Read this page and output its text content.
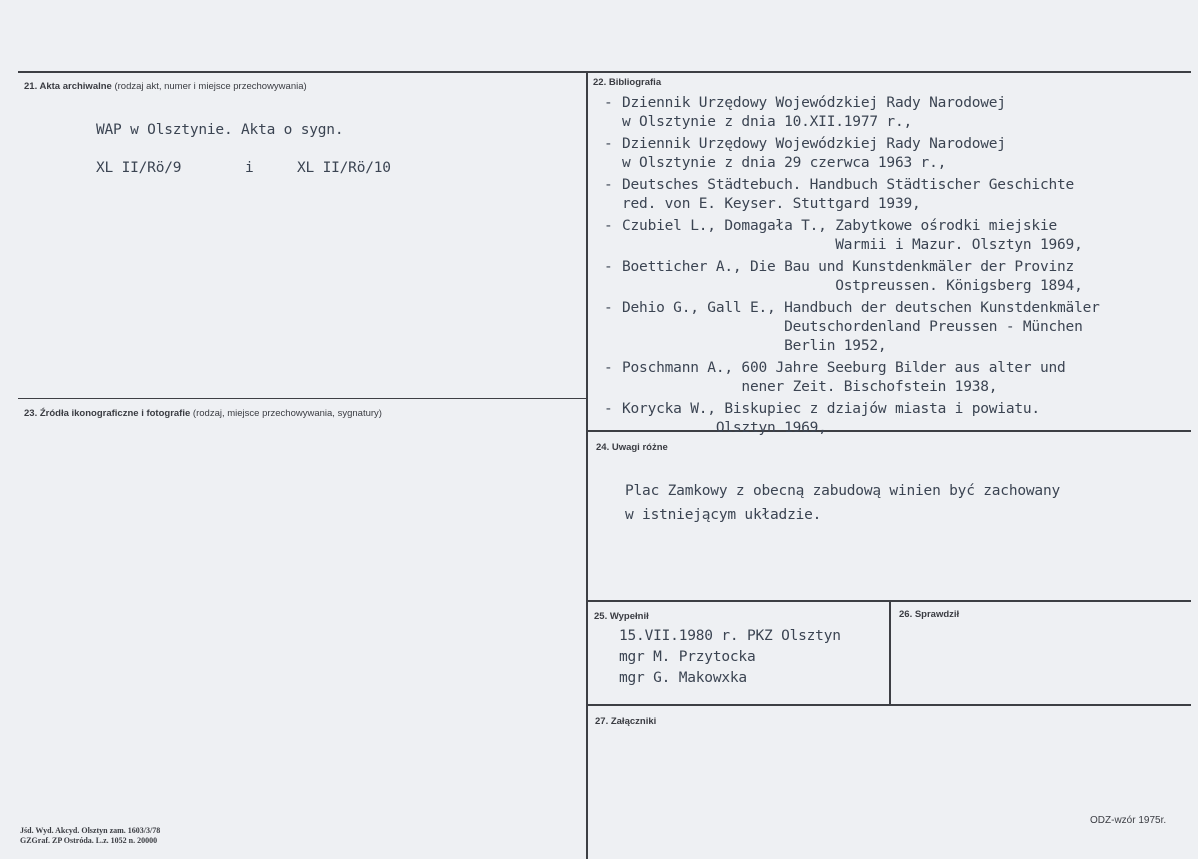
21. Akta archiwalne (rodzaj akt, numer i miejsce przechowywania)
WAP w Olsztynie. Akta o sygn.
XL II/Rö/9	i	XL II/Rö/10
22. Bibliografia
- Dziennik Urzędowy Wojewódzkiej Rady Narodowej
w Olsztynie z dnia 10.XII.1977 r.,
- Dziennik Urzędowy Wojewódzkiej Rady Narodowej
w Olsztynie z dnia 29 czerwca 1963 r.,
- Deutsches Städtebuch. Handbuch Städtischer Geschichte
red. von E. Keyser. Stuttgard 1939,
- Czubiel L., Domagała T., Zabytkowe ośrodki miejskie
Warmii i Mazur. Olsztyn 1969,
- Boetticher A., Die Bau und Kunstdenkmäler der Provinz
Ostpreussen. Königsberg 1894,
- Dehio G., Gall E., Handbuch der deutschen Kunstdenkmäler
Deutschordenland Preussen - München
Berlin 1952,
- Poschmann A., 600 Jahre Seeburg Bilder aus alter und
nener Zeit. Bischofstein 1938,
- Korycka W., Biskupiec z dziajów miasta i powiatu.
Olsztyn 1969,
23. Źródła ikonograficzne i fotografie (rodzaj, miejsce przechowywania, sygnatury)
24. Uwagi różne
Plac Zamkowy z obecną zabudową winien być zachowany
w istniejącym układzie.
25. Wypełnił
15.VII.1980 r. PKZ Olsztyn
mgr M. Przytocka
mgr G. Makowxka
26. Sprawdził
27. Załączniki
Jśd. Wyd. Akcyd. Olsztyn zam. 1603/3/78
GZGraf. ZP Ostróda. L.z. 1052 n. 20000
ODZ-wzór 1975r.
